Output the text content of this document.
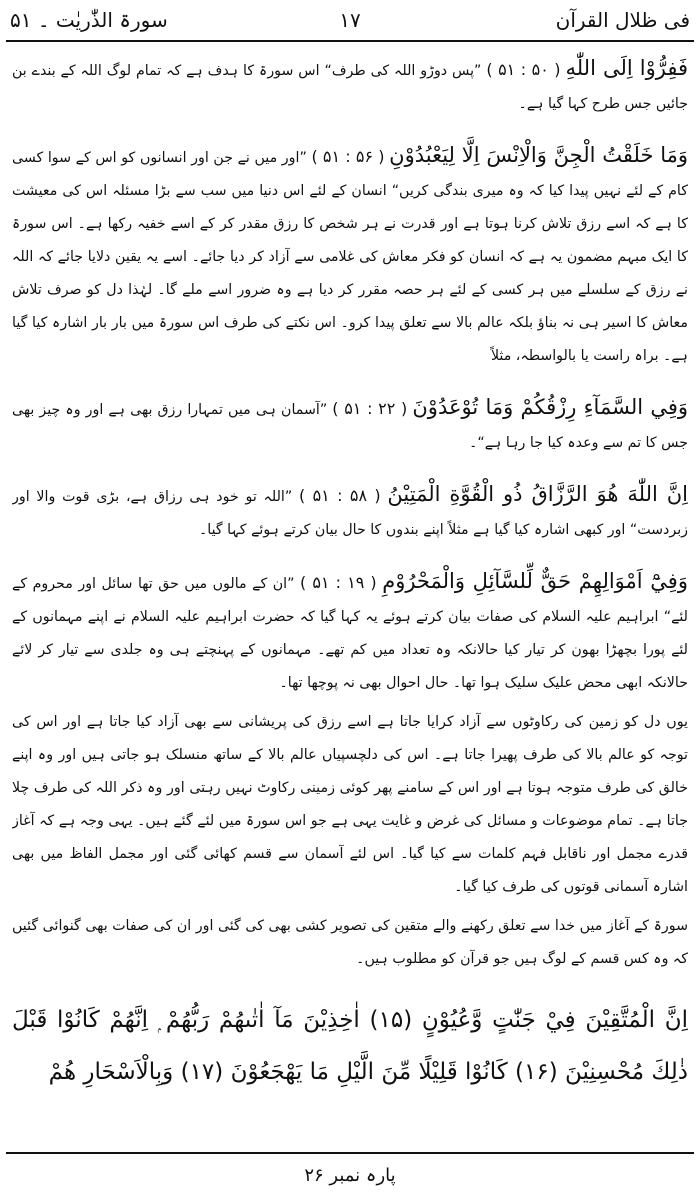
فی ظلال القرآن
۱۷
سورۃ الذّٰریٰت ۔ ۵۱

فَفِرُّوْا اِلَى اللّٰهِ ( ۵۱ : ۵۰ ) ”پس دوڑو اللہ کی طرف“ اس سورۃ کا ہدف ہے کہ تمام لوگ اللہ کے بندے بن جائیں جس طرح کہا گیا ہے۔

وَمَا خَلَقْتُ الْجِنَّ وَالْاِنْسَ اِلَّا لِيَعْبُدُوْنِ ( ۵۱ : ۵۶ ) ”اور میں نے جن اور انسانوں کو اس کے سوا کسی کام کے لئے نہیں پیدا کیا کہ وہ میری بندگی کریں“ انسان کے لئے اس دنیا میں سب سے بڑا مسئلہ اس کی معیشت کا ہے کہ اسے رزق تلاش کرنا ہوتا ہے اور قدرت نے ہر شخص کا رزق مقدر کر کے اسے خفیہ رکھا ہے۔ اس سورۃ کا ایک مبہم مضمون یہ ہے کہ انسان کو فکر معاش کی غلامی سے آزاد کر دیا جائے۔ اسے یہ یقین دلایا جائے کہ اللہ نے رزق کے سلسلے میں ہر کسی کے لئے ہر حصہ مقرر کر دیا ہے وہ ضرور اسے ملے گا۔ لہٰذا دل کو صرف تلاش معاش کا اسیر ہی نہ بناؤ بلکہ عالم بالا سے تعلق پیدا کرو۔ اس نکتے کی طرف اس سورۃ میں بار بار اشارہ کیا گیا ہے۔ براہ راست یا بالواسطہ، مثلاً

وَفِي السَّمَآءِ رِزْقُكُمْ وَمَا تُوْعَدُوْنَ ( ۵۱ : ۲۲ ) ”آسمان ہی میں تمہارا رزق بھی ہے اور وہ چیز بھی جس کا تم سے وعدہ کیا جا رہا ہے“۔

اِنَّ اللّٰهَ هُوَ الرَّزَّاقُ ذُو الْقُوَّةِ الْمَتِيْنُ ( ۵۱ : ۵۸ ) ”اللہ تو خود ہی رزاق ہے، بڑی قوت والا اور زبردست“ اور کبھی اشارہ کیا گیا ہے مثلاً اپنے بندوں کا حال بیان کرتے ہوئے کہا گیا۔

وَفِيْٓ اَمْوَالِهِمْ حَقٌّ لِّلسَّآئِلِ وَالْمَحْرُوْمِ ( ۵۱ : ۱۹ ) ”ان کے مالوں میں حق تھا سائل اور محروم کے لئے“ ابراہیم علیہ السلام کی صفات بیان کرتے ہوئے یہ کہا گیا کہ حضرت ابراہیم علیہ السلام نے اپنے مہمانوں کے لئے پورا بچھڑا بھون کر تیار کیا حالانکہ وہ تعداد میں کم تھے۔ مہمانوں کے پہنچتے ہی وہ جلدی سے تیار کر لائے حالانکہ ابھی محض علیک سلیک ہوا تھا۔ حال احوال بھی نہ پوچھا تھا۔

یوں دل کو زمین کی رکاوٹوں سے آزاد کرایا جاتا ہے اسے رزق کی پریشانی سے بھی آزاد کیا جاتا ہے اور اس کی توجہ کو عالم بالا کی طرف پھیرا جاتا ہے۔ اس کی دلچسپیاں عالم بالا کے ساتھ منسلک ہو جاتی ہیں اور وہ اپنے خالق کی طرف متوجہ ہوتا ہے اور اس کے سامنے پھر کوئی زمینی رکاوٹ نہیں رہتی اور وہ ذکر اللہ کی طرف چلا جاتا ہے۔ تمام موضوعات و مسائل کی غرض و غایت یہی ہے جو اس سورۃ میں لئے گئے ہیں۔ یہی وجہ ہے کہ آغاز قدرے مجمل اور ناقابل فہم کلمات سے کیا گیا۔ اس لئے آسمان سے قسم کھائی گئی اور مجمل الفاظ میں بھی اشارہ آسمانی قوتوں کی طرف کیا گیا۔

سورۃ کے آغاز میں خدا سے تعلق رکھنے والے متقین کی تصویر کشی بھی کی گئی اور ان کی صفات بھی گنوائی گئیں کہ وہ کس قسم کے لوگ ہیں جو قرآن کو مطلوب ہیں۔

اِنَّ الْمُتَّقِيْنَ فِيْ جَنّٰتٍ وَّعُيُوْنٍ (۱۵) اٰخِذِيْنَ مَآ اٰتٰىهُمْ رَبُّهُمْ ۭ اِنَّهُمْ كَانُوْا قَبْلَ ذٰلِكَ مُحْسِنِيْنَ (۱۶) كَانُوْا قَلِيْلًا مِّنَ الَّيْلِ مَا يَهْجَعُوْنَ (۱۷) وَبِالْاَسْحَارِ هُمْ

پارہ نمبر ۲۶
